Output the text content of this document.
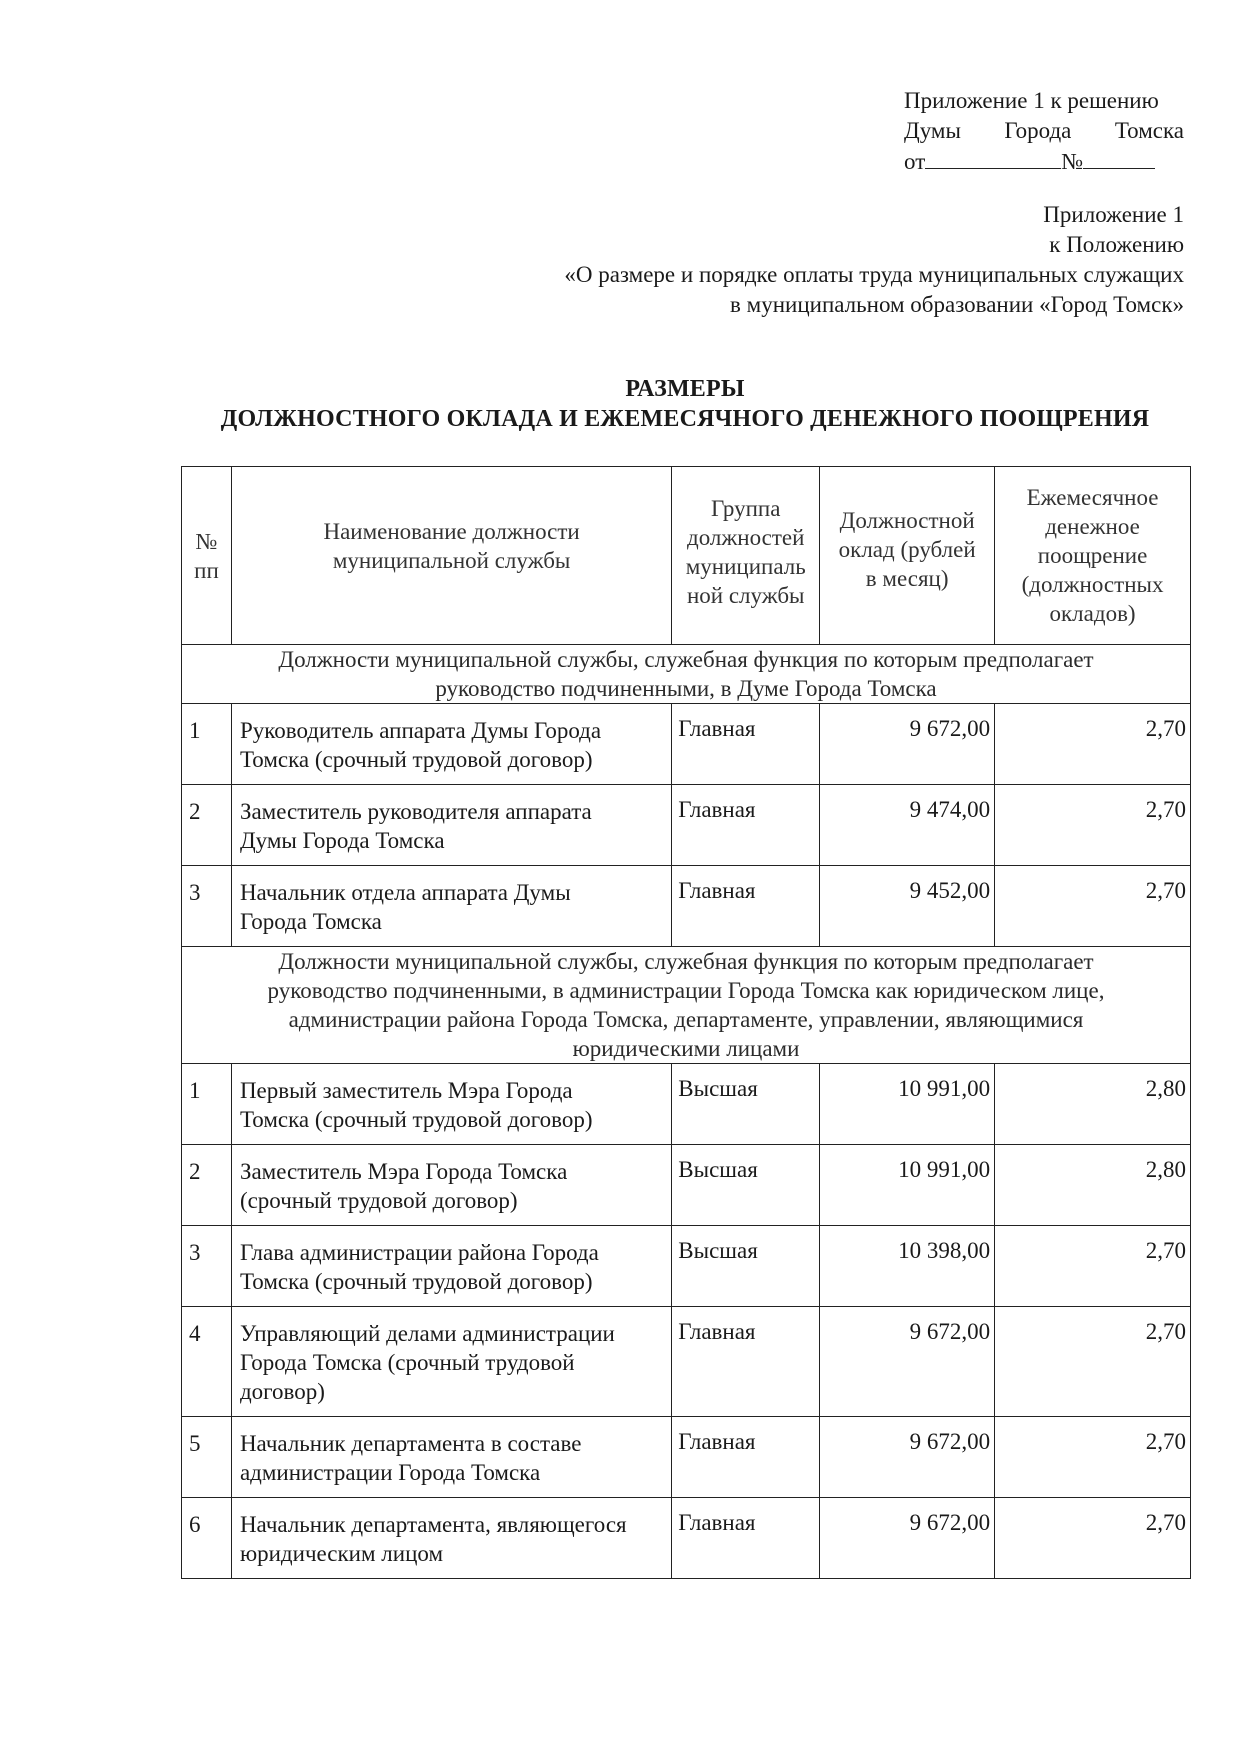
Приложение 1 к решению
Думы Города Томска
от	№
Приложение 1
к Положению
«О размере и порядке оплаты труда муниципальных служащих
в муниципальном образовании «Город Томск»
РАЗМЕРЫ
ДОЛЖНОСТНОГО ОКЛАДА И ЕЖЕМЕСЯЧНОГО ДЕНЕЖНОГО ПООЩРЕНИЯ
№
пп

Наименование должности
муниципальной службы

Группа
должностей
муниципаль
ной службы

Должностной
оклад (рублей
в месяц)

Ежемесячное
денежное
поощрение
(должностных
окладов)

Должности муниципальной службы, служебная функция по которым предполагает
руководство подчиненными, в Думе Города Томска				

1	Руководитель аппарата Думы Города
Томска (срочный трудовой договор)	Главная	9 672,00	2,70
2	Заместитель руководителя аппарата
Думы Города Томска	Главная	9 474,00	2,70
3	Начальник отдела аппарата Думы
Города Томска	Главная	9 452,00	2,70

Должности муниципальной службы, служебная функция по которым предполагает
руководство подчиненными, в администрации Города Томска как юридическом лице,
администрации района Города Томска, департаменте, управлении, являющимися
юридическими лицами				

1	Первый заместитель Мэра Города
Томска (срочный трудовой договор)	Высшая	10 991,00	2,80
2	Заместитель Мэра Города Томска
(срочный трудовой договор)	Высшая	10 991,00	2,80
3	Глава администрации района Города
Томска (срочный трудовой договор)	Высшая	10 398,00	2,70
4	Управляющий делами администрации
Города Томска (срочный трудовой
договор)	Главная	9 672,00	2,70
5	Начальник департамента в составе
администрации Города Томска	Главная	9 672,00	2,70
6	Начальник департамента, являющегося
юридическим лицом	Главная	9 672,00	2,70
